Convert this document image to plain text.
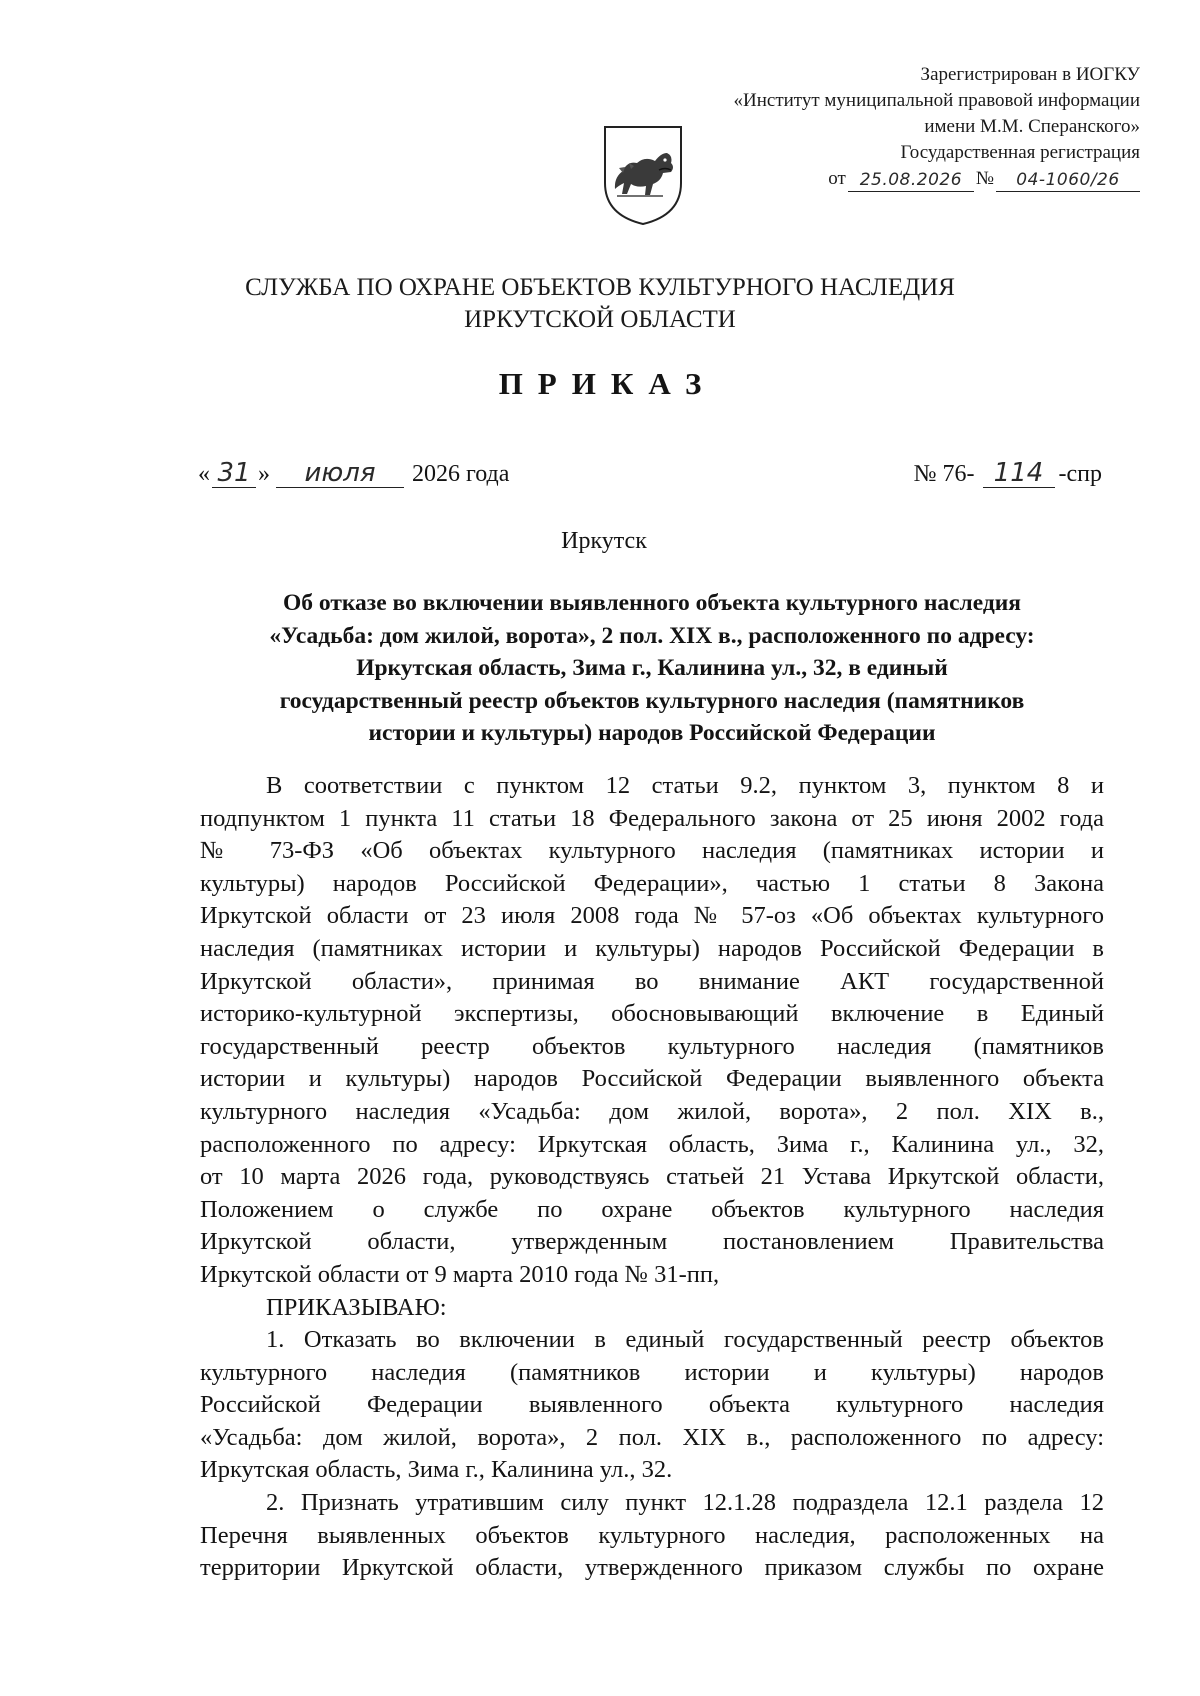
Зарегистрирован в ИОГКУ
«Институт муниципальной правовой информации
имени М.М. Сперанского»
Государственная регистрация
от 25.08.2026 №	04-1060/26
СЛУЖБА ПО ОХРАНЕ ОБЪЕКТОВ КУЛЬТУРНОГО НАСЛЕДИЯ
ИРКУТСКОЙ ОБЛАСТИ
ПРИКАЗ
« 31 »	июля	2026 года	№ 76- 114 -спр
Иркутск
Об отказе во включении выявленного объекта культурного наследия
«Усадьба: дом жилой, ворота», 2 пол. XIX в., расположенного по адресу:
Иркутская область, Зима г., Калинина ул., 32, в единый
государственный реестр объектов культурного наследия (памятников
истории и культуры) народов Российской Федерации
В соответствии с пунктом 12 статьи 9.2, пунктом 3, пунктом 8 и
подпунктом 1 пункта 11 статьи 18 Федерального закона от 25 июня 2002 года
№ 73-ФЗ «Об объектах культурного наследия (памятниках истории и
культуры) народов Российской Федерации», частью 1 статьи 8 Закона
Иркутской области от 23 июля 2008 года № 57-оз «Об объектах культурного
наследия (памятниках истории и культуры) народов Российской Федерации в
Иркутской области», принимая во внимание АКТ государственной
историко-культурной экспертизы, обосновывающий включение в Единый
государственный реестр объектов культурного наследия (памятников
истории и культуры) народов Российской Федерации выявленного объекта
культурного наследия «Усадьба: дом жилой, ворота», 2 пол. XIX в.,
расположенного по адресу: Иркутская область, Зима г., Калинина ул., 32,
от 10 марта 2026 года, руководствуясь статьей 21 Устава Иркутской области,
Положением о службе по охране объектов культурного наследия
Иркутской области, утвержденным постановлением Правительства
Иркутской области от 9 марта 2010 года № 31-пп,
ПРИКАЗЫВАЮ:
1. Отказать во включении в единый государственный реестр объектов
культурного наследия (памятников истории и культуры) народов
Российской Федерации выявленного объекта культурного наследия
«Усадьба: дом жилой, ворота», 2 пол. XIX в., расположенного по адресу:
Иркутская область, Зима г., Калинина ул., 32.
2. Признать утратившим силу пункт 12.1.28 подраздела 12.1 раздела 12
Перечня выявленных объектов культурного наследия, расположенных на
территории Иркутской области, утвержденного приказом службы по охране
